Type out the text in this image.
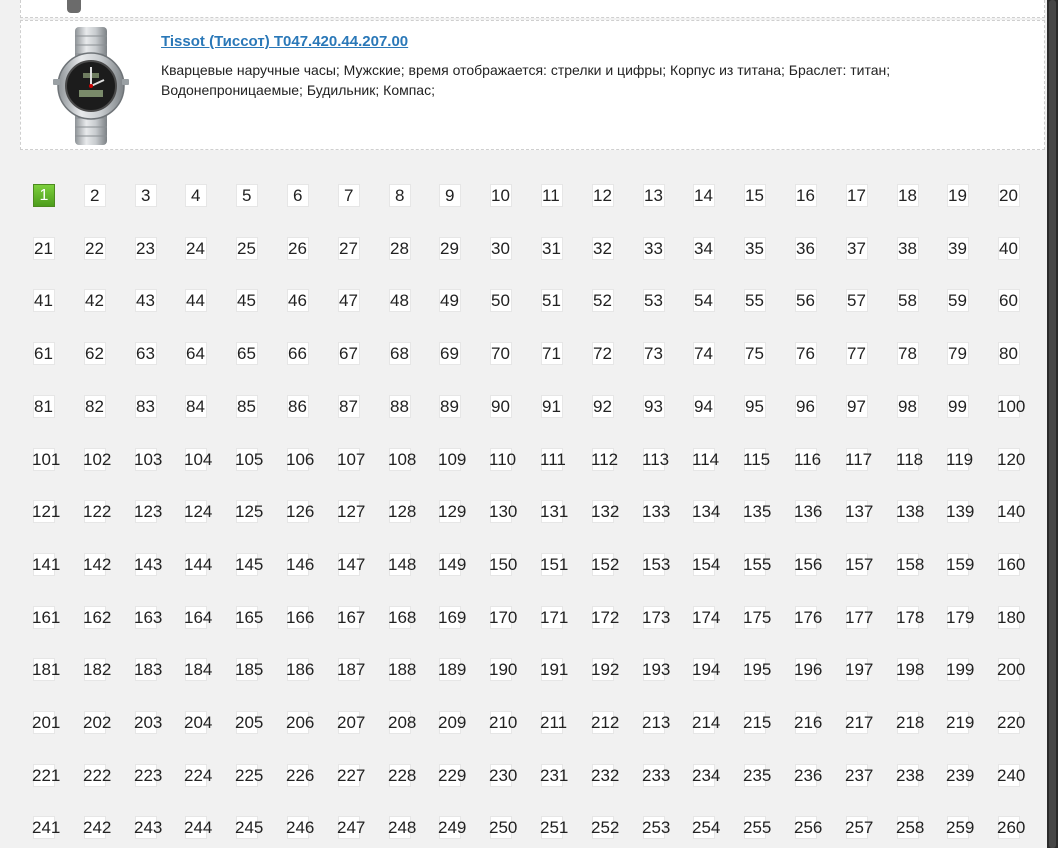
Tissot (Тиссот) T047.420.44.207.00
Кварцевые наручные часы; Мужские; время отображается: стрелки и цифры; Корпус из титана; Браслет: титан; Водонепроницаемые; Будильник; Компас;
1	2	3	4	5	6	7	8	9	10 11 12 13 14 15 16 17 18 19 20
21 22 23 24 25 26 27 28 29 30 31 32 33 34 35 36 37 38 39 40
41 42 43 44 45 46 47 48 49 50 51 52 53 54 55 56 57 58 59 60
61 62 63 64 65 66 67 68 69 70 71 72 73 74 75 76 77 78 79 80
81 82 83 84 85 86 87 88 89 90 91 92 93 94 95 96 97 98 99 100
101 102 103 104 105 106 107 108 109 110 111 112 113 114 115 116 117 118 119 120
121 122 123 124 125 126 127 128 129 130 131 132 133 134 135 136 137 138 139 140
141 142 143 144 145 146 147 148 149 150 151 152 153 154 155 156 157 158 159 160
161 162 163 164 165 166 167 168 169 170 171 172 173 174 175 176 177 178 179 180
181 182 183 184 185 186 187 188 189 190 191 192 193 194 195 196 197 198 199 200
201 202 203 204 205 206 207 208 209 210 211 212 213 214 215 216 217 218 219 220
221 222 223 224 225 226 227 228 229 230 231 232 233 234 235 236 237 238 239 240
241 242 243 244 245 246 247 248 249 250 251 252 253 254 255 256 257 258 259 260
